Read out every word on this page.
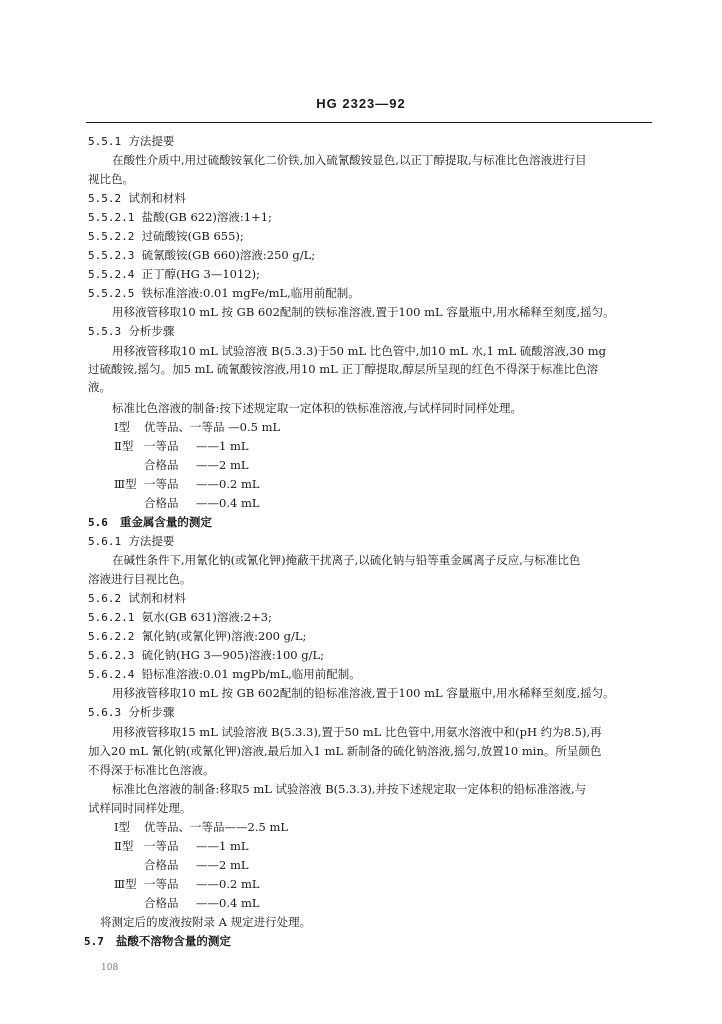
HG 2323—92
5.5.1 方法提要
在酸性介质中,用过硫酸铵氧化二价铁,加入硫氰酸铵显色,以正丁醇提取,与标准比色溶液进行目
视比色。
5.5.2 试剂和材料
5.5.2.1 盐酸(GB 622)溶液:1+1;
5.5.2.2 过硫酸铵(GB 655);
5.5.2.3 硫氰酸铵(GB 660)溶液:250 g/L;
5.5.2.4 正丁醇(HG 3—1012);
5.5.2.5 铁标准溶液:0.01 mgFe/mL,临用前配制。
用移液管移取10 mL 按 GB 602配制的铁标准溶液,置于100 mL 容量瓶中,用水稀释至刻度,摇匀。
5.5.3 分析步骤
用移液管移取10 mL 试验溶液 B(5.3.3)于50 mL 比色管中,加10 mL 水,1 mL 硫酸溶液,30 mg
过硫酸铵,摇匀。加5 mL 硫氰酸铵溶液,用10 mL 正丁醇提取,醇层所呈现的红色不得深于标准比色溶
液。
标准比色溶液的制备:按下述规定取一定体积的铁标准溶液,与试样同时同样处理。
Ⅰ型 优等品、一等品 —0.5 mL
Ⅱ型 一等品 ——1 mL
合格品 ——2 mL
Ⅲ型 一等品 ——0.2 mL
合格品 ——0.4 mL
5.6 重金属含量的测定
5.6.1 方法提要
在碱性条件下,用氰化钠(或氰化钾)掩蔽干扰离子,以硫化钠与铅等重金属离子反应,与标准比色
溶液进行目视比色。
5.6.2 试剂和材料
5.6.2.1 氨水(GB 631)溶液:2+3;
5.6.2.2 氰化钠(或氰化钾)溶液:200 g/L;
5.6.2.3 硫化钠(HG 3—905)溶液:100 g/L;
5.6.2.4 铅标准溶液:0.01 mgPb/mL,临用前配制。
用移液管移取10 mL 按 GB 602配制的铅标准溶液,置于100 mL 容量瓶中,用水稀释至刻度,摇匀。
5.6.3 分析步骤
用移液管移取15 mL 试验溶液 B(5.3.3),置于50 mL 比色管中,用氨水溶液中和(pH 约为8.5),再
加入20 mL 氰化钠(或氰化钾)溶液,最后加入1 mL 新制备的硫化钠溶液,摇匀,放置10 min。所呈颜色
不得深于标准比色溶液。
标准比色溶液的制备:移取5 mL 试验溶液 B(5.3.3),并按下述规定取一定体积的铅标准溶液,与
试样同时同样处理。
Ⅰ型 优等品、一等品——2.5 mL
Ⅱ型 一等品 ——1 mL
合格品 ——2 mL
Ⅲ型 一等品 ——0.2 mL
合格品 ——0.4 mL
将测定后的废液按附录 A 规定进行处理。
5.7 盐酸不溶物含量的测定
108
